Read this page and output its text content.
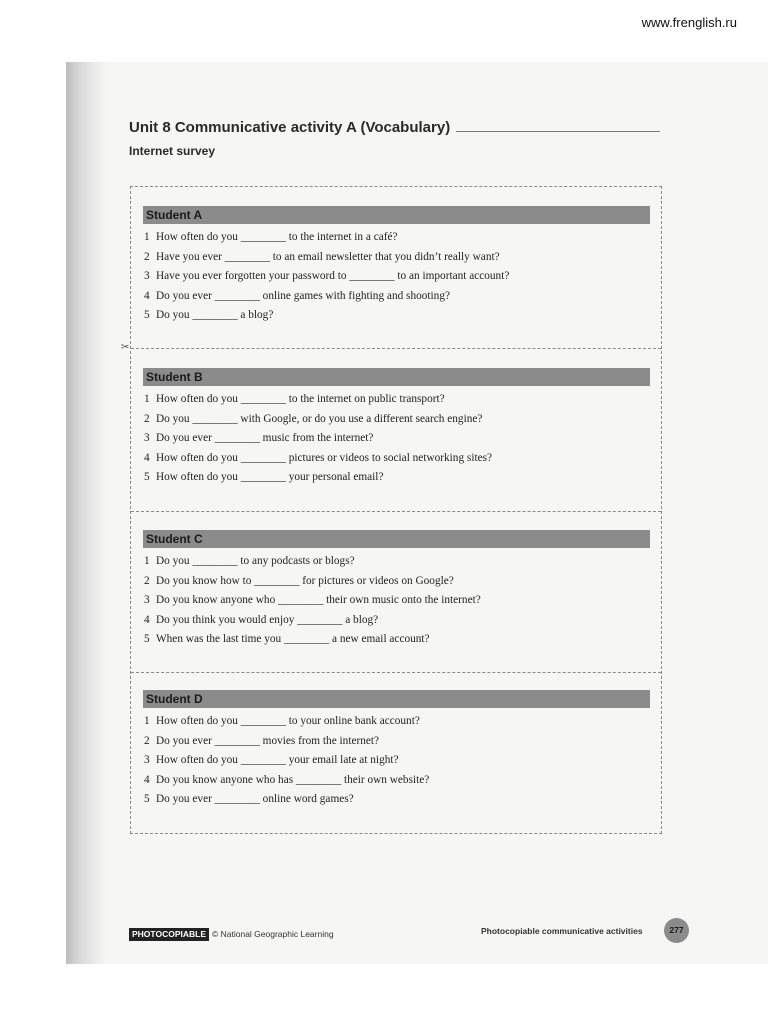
www.frenglish.ru
Unit 8 Communicative activity A (Vocabulary)
Internet survey
✂
Student A
1 How often do you ________ to the internet in a café?
2 Have you ever ________ to an email newsletter that you didn’t really want?
3 Have you ever forgotten your password to ________ to an important account?
4 Do you ever ________ online games with fighting and shooting?
5 Do you ________ a blog?
Student B
1 How often do you ________ to the internet on public transport?
2 Do you ________ with Google, or do you use a different search engine?
3 Do you ever ________ music from the internet?
4 How often do you ________ pictures or videos to social networking sites?
5 How often do you ________ your personal email?
Student C
1 Do you ________ to any podcasts or blogs?
2 Do you know how to ________ for pictures or videos on Google?
3 Do you know anyone who ________ their own music onto the internet?
4 Do you think you would enjoy ________ a blog?
5 When was the last time you ________ a new email account?
Student D
1 How often do you ________ to your online bank account?
2 Do you ever ________ movies from the internet?
3 How often do you ________ your email late at night?
4 Do you know anyone who has ________ their own website?
5 Do you ever ________ online word games?
PHOTOCOPIABLE © National Geographic Learning	Photocopiable communicative activities	277
